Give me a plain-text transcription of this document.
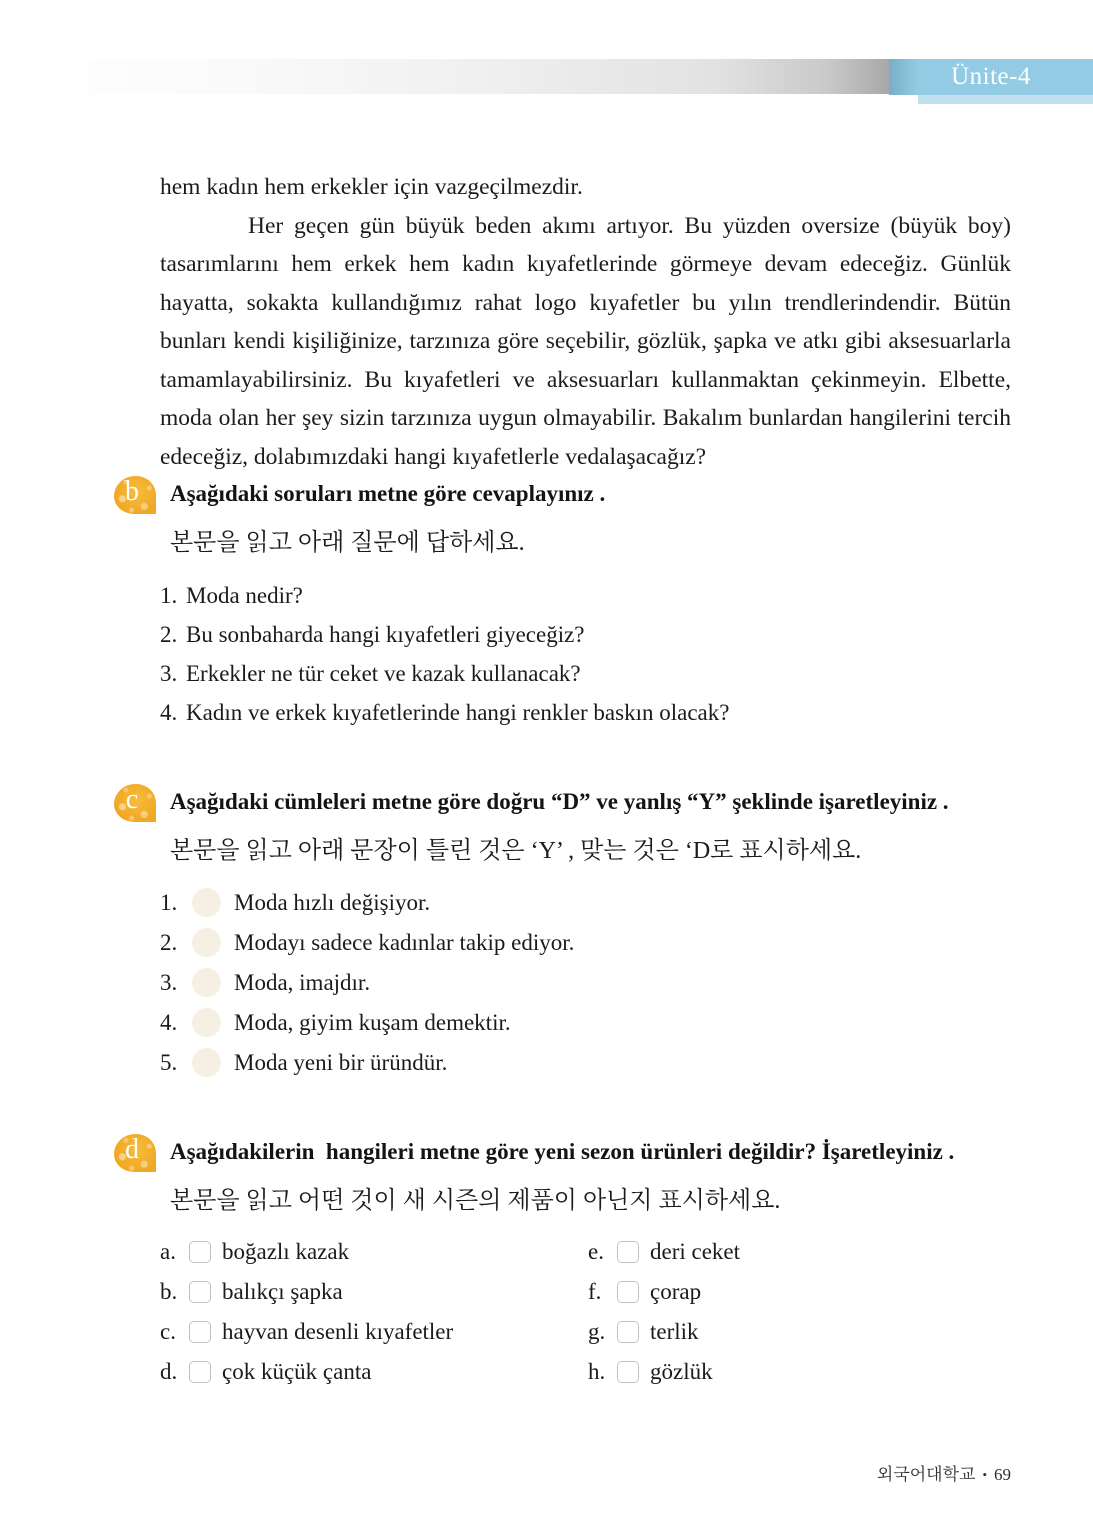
Ünite-4

hem kadın hem erkekler için vazgeçilmezdir.

Her geçen gün büyük beden akımı artıyor. Bu yüzden oversize (büyük boy) tasarımlarını hem erkek hem kadın kıyafetlerinde görmeye devam edeceğiz. Günlük hayatta, sokakta kullandığımız rahat logo kıyafetler bu yılın trendlerindendir. Bütün bunları kendi kişiliğinize, tarzınıza göre seçebilir, gözlük, şapka ve atkı gibi aksesuarlarla tamamlayabilirsiniz. Bu kıyafetleri ve aksesuarları kullanmaktan çekinmeyin. Elbette, moda olan her şey sizin tarzınıza uygun olmayabilir. Bakalım bunlardan hangilerini tercih edeceğiz, dolabımızdaki hangi kıyafetlerle vedalaşacağız?

b Aşağıdaki soruları metne göre cevaplayınız .
본문을 읽고 아래 질문에 답하세요.
1. Moda nedir?
2. Bu sonbaharda hangi kıyafetleri giyeceğiz?
3. Erkekler ne tür ceket ve kazak kullanacak?
4. Kadın ve erkek kıyafetlerinde hangi renkler baskın olacak?
c Aşağıdaki cümleleri metne göre doğru “D” ve yanlış “Y” şeklinde işaretleyiniz .
본문을 읽고 아래 문장이 틀린 것은 ‘Y’ , 맞는 것은 ‘D로 표시하세요.
1.	Moda hızlı değişiyor.
2.	Modayı sadece kadınlar takip ediyor.
3.	Moda, imajdır.
4.	Moda, giyim kuşam demektir.
5.	Moda yeni bir üründür.
d Aşağıdakilerin  hangileri metne göre yeni sezon ürünleri değildir? İşaretleyiniz .
본문을 읽고 어떤 것이 새 시즌의 제품이 아닌지 표시하세요.
a.	boğazlı kazak
b.	balıkçı şapka
c.	hayvan desenli kıyafetler
d.	çok küçük çanta
e.	deri ceket
f.	çorap
g.	terlik
h.	gözlük
외국어대학교 • 69
